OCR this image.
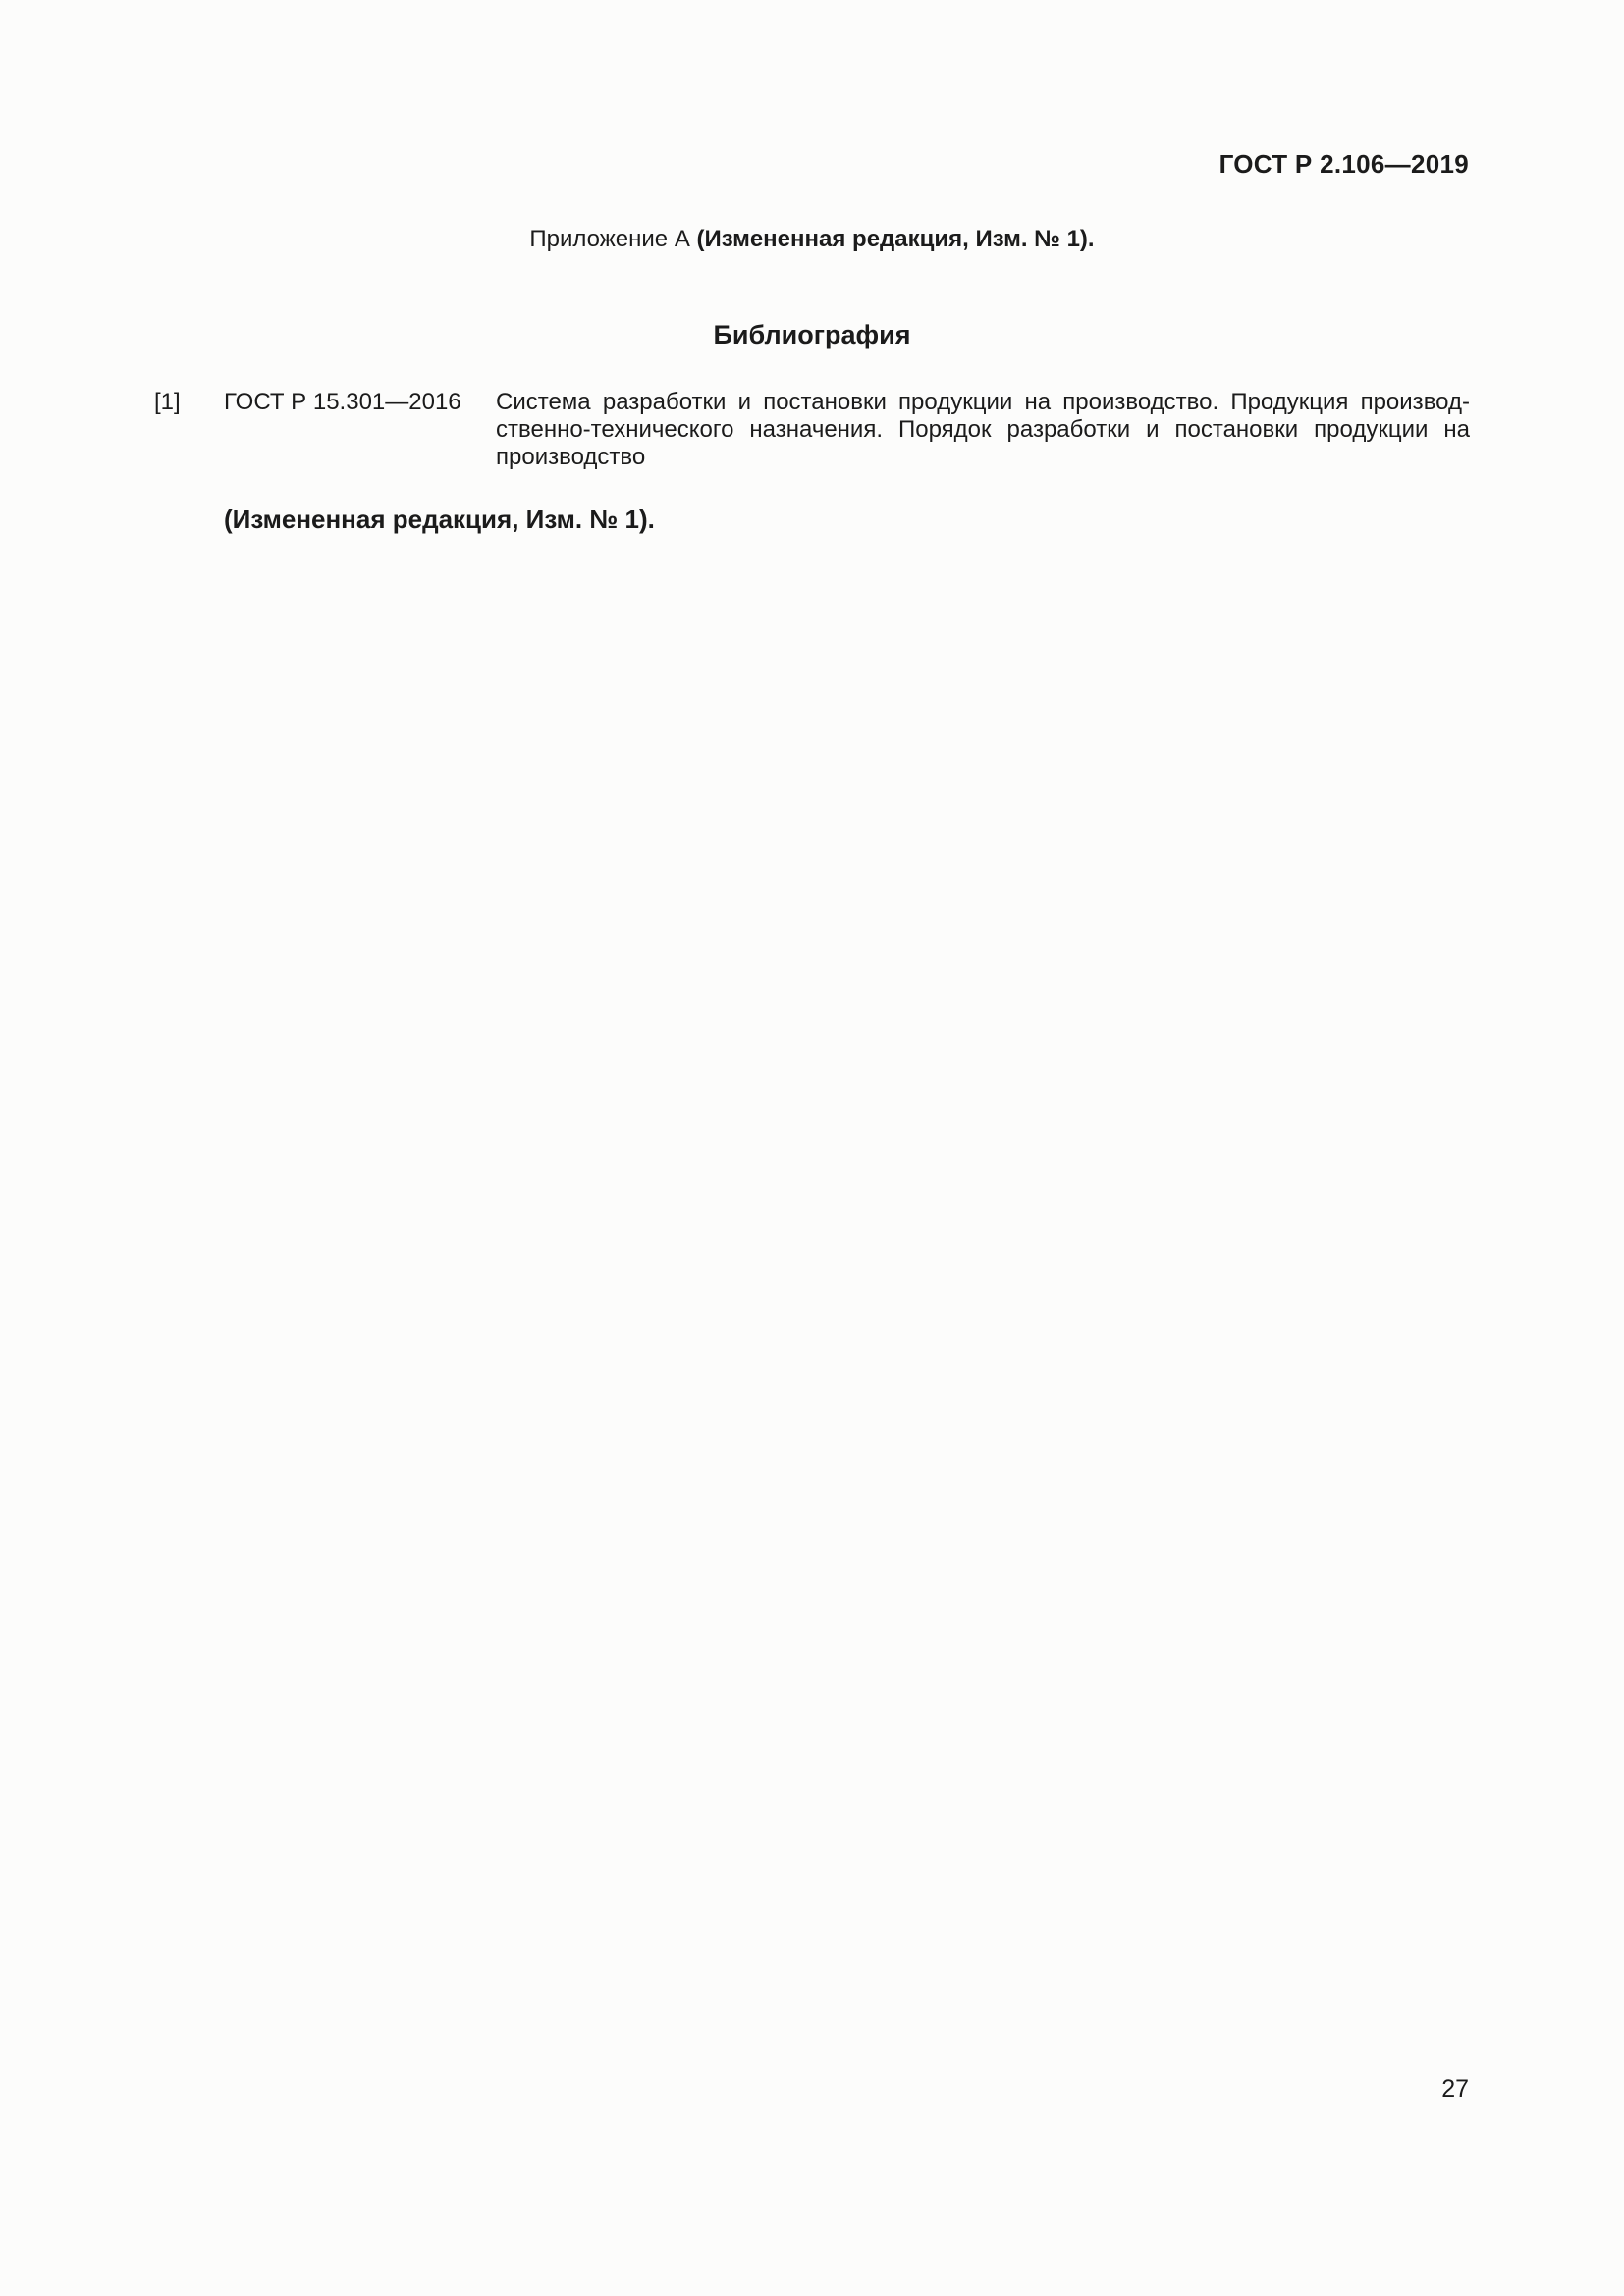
ГОСТ Р 2.106—2019
Приложение А (Измененная редакция, Изм. № 1).
Библиография
[1] ГОСТ Р 15.301—2016 Система разработки и постановки продукции на производство. Продукция производственно-технического назначения. Порядок разработки и постановки продукции на производство
(Измененная редакция, Изм. № 1).
27
